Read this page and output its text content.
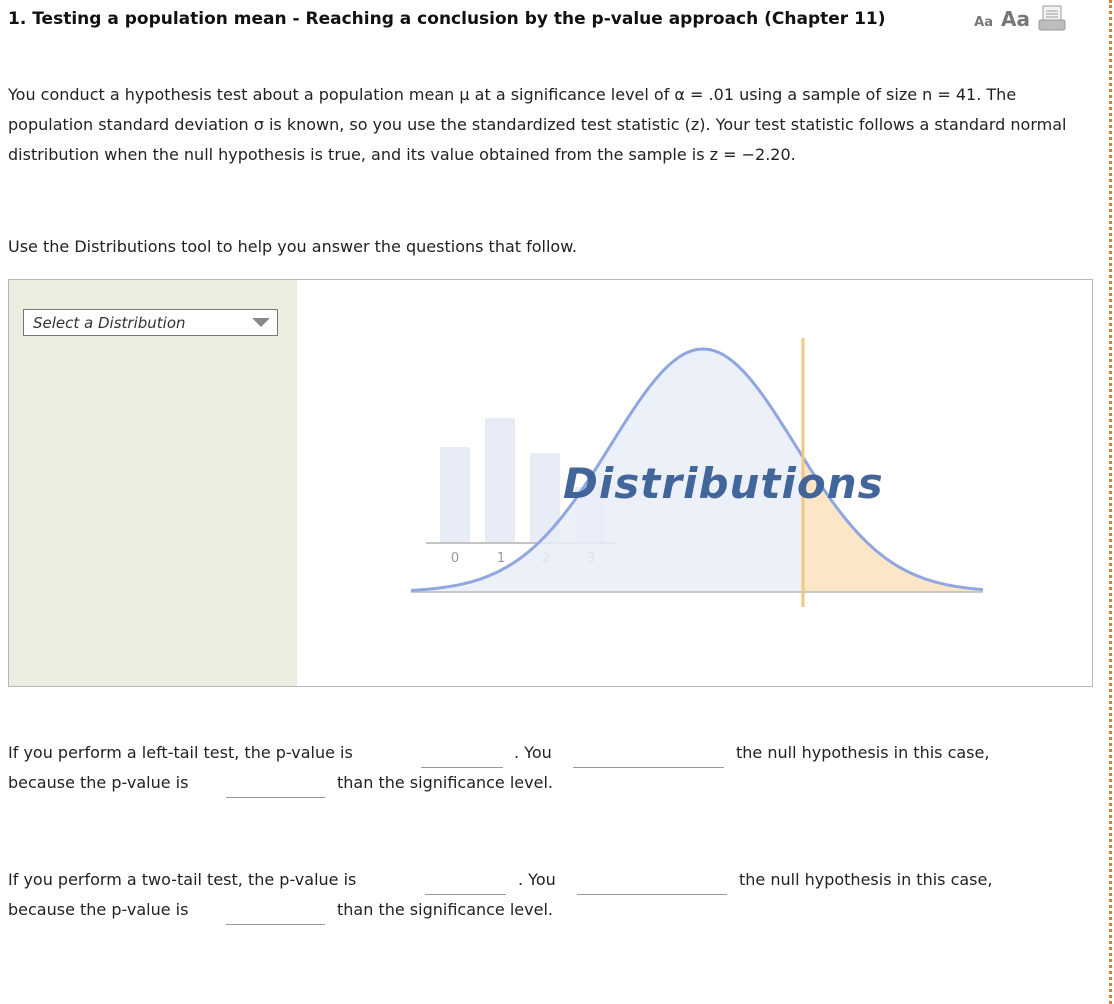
1. Testing a population mean - Reaching a conclusion by the p-value approach (Chapter 11)	Aa Aa
You conduct a hypothesis test about a population mean μ at a significance level of α = .01 using a sample of size n = 41. The population standard deviation σ is known, so you use the standardized test statistic (z). Your test statistic follows a standard normal distribution when the null hypothesis is true, and its value obtained from the sample is z = −2.20.
Use the Distributions tool to help you answer the questions that follow.
Select a Distribution
0	1
Distributions
If you perform a left-tail test, the p-value is	. You	the null hypothesis in this case,
because the p-value is	than the significance level.
If you perform a two-tail test, the p-value is	. You	the null hypothesis in this case,
because the p-value is	than the significance level.
